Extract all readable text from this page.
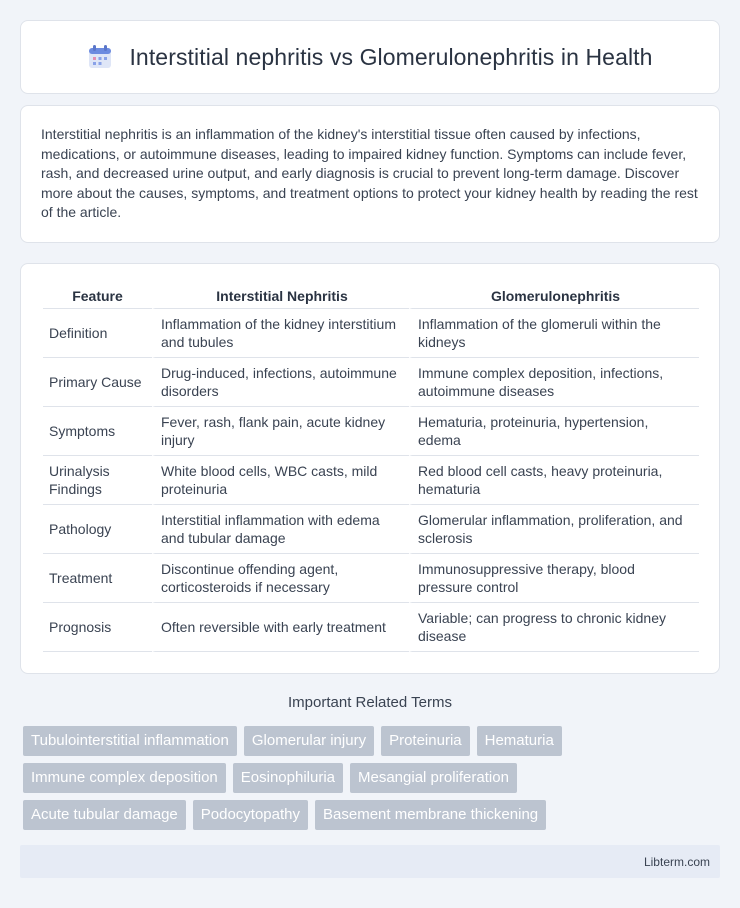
Interstitial nephritis vs Glomerulonephritis in Health

Interstitial nephritis is an inflammation of the kidney's interstitial tissue often caused by infections, medications, or autoimmune diseases, leading to impaired kidney function. Symptoms can include fever, rash, and decreased urine output, and early diagnosis is crucial to prevent long-term damage. Discover more about the causes, symptoms, and treatment options to protect your kidney health by reading the rest of the article.

Feature	Interstitial Nephritis	Glomerulonephritis
Definition	Inflammation of the kidney interstitium and tubules	Inflammation of the glomeruli within the kidneys
Primary Cause	Drug-induced, infections, autoimmune disorders	Immune complex deposition, infections, autoimmune diseases
Symptoms	Fever, rash, flank pain, acute kidney injury	Hematuria, proteinuria, hypertension, edema
Urinalysis Findings	White blood cells, WBC casts, mild proteinuria	Red blood cell casts, heavy proteinuria, hematuria
Pathology	Interstitial inflammation with edema and tubular damage	Glomerular inflammation, proliferation, and sclerosis
Treatment	Discontinue offending agent, corticosteroids if necessary	Immunosuppressive therapy, blood pressure control
Prognosis	Often reversible with early treatment	Variable; can progress to chronic kidney disease
Important Related Terms
Tubulointerstitial inflammation	Glomerular injury	Proteinuria	Hematuria
Immune complex deposition	Eosinophiluria	Mesangial proliferation
Acute tubular damage	Podocytopathy	Basement membrane thickening
Libterm.com
